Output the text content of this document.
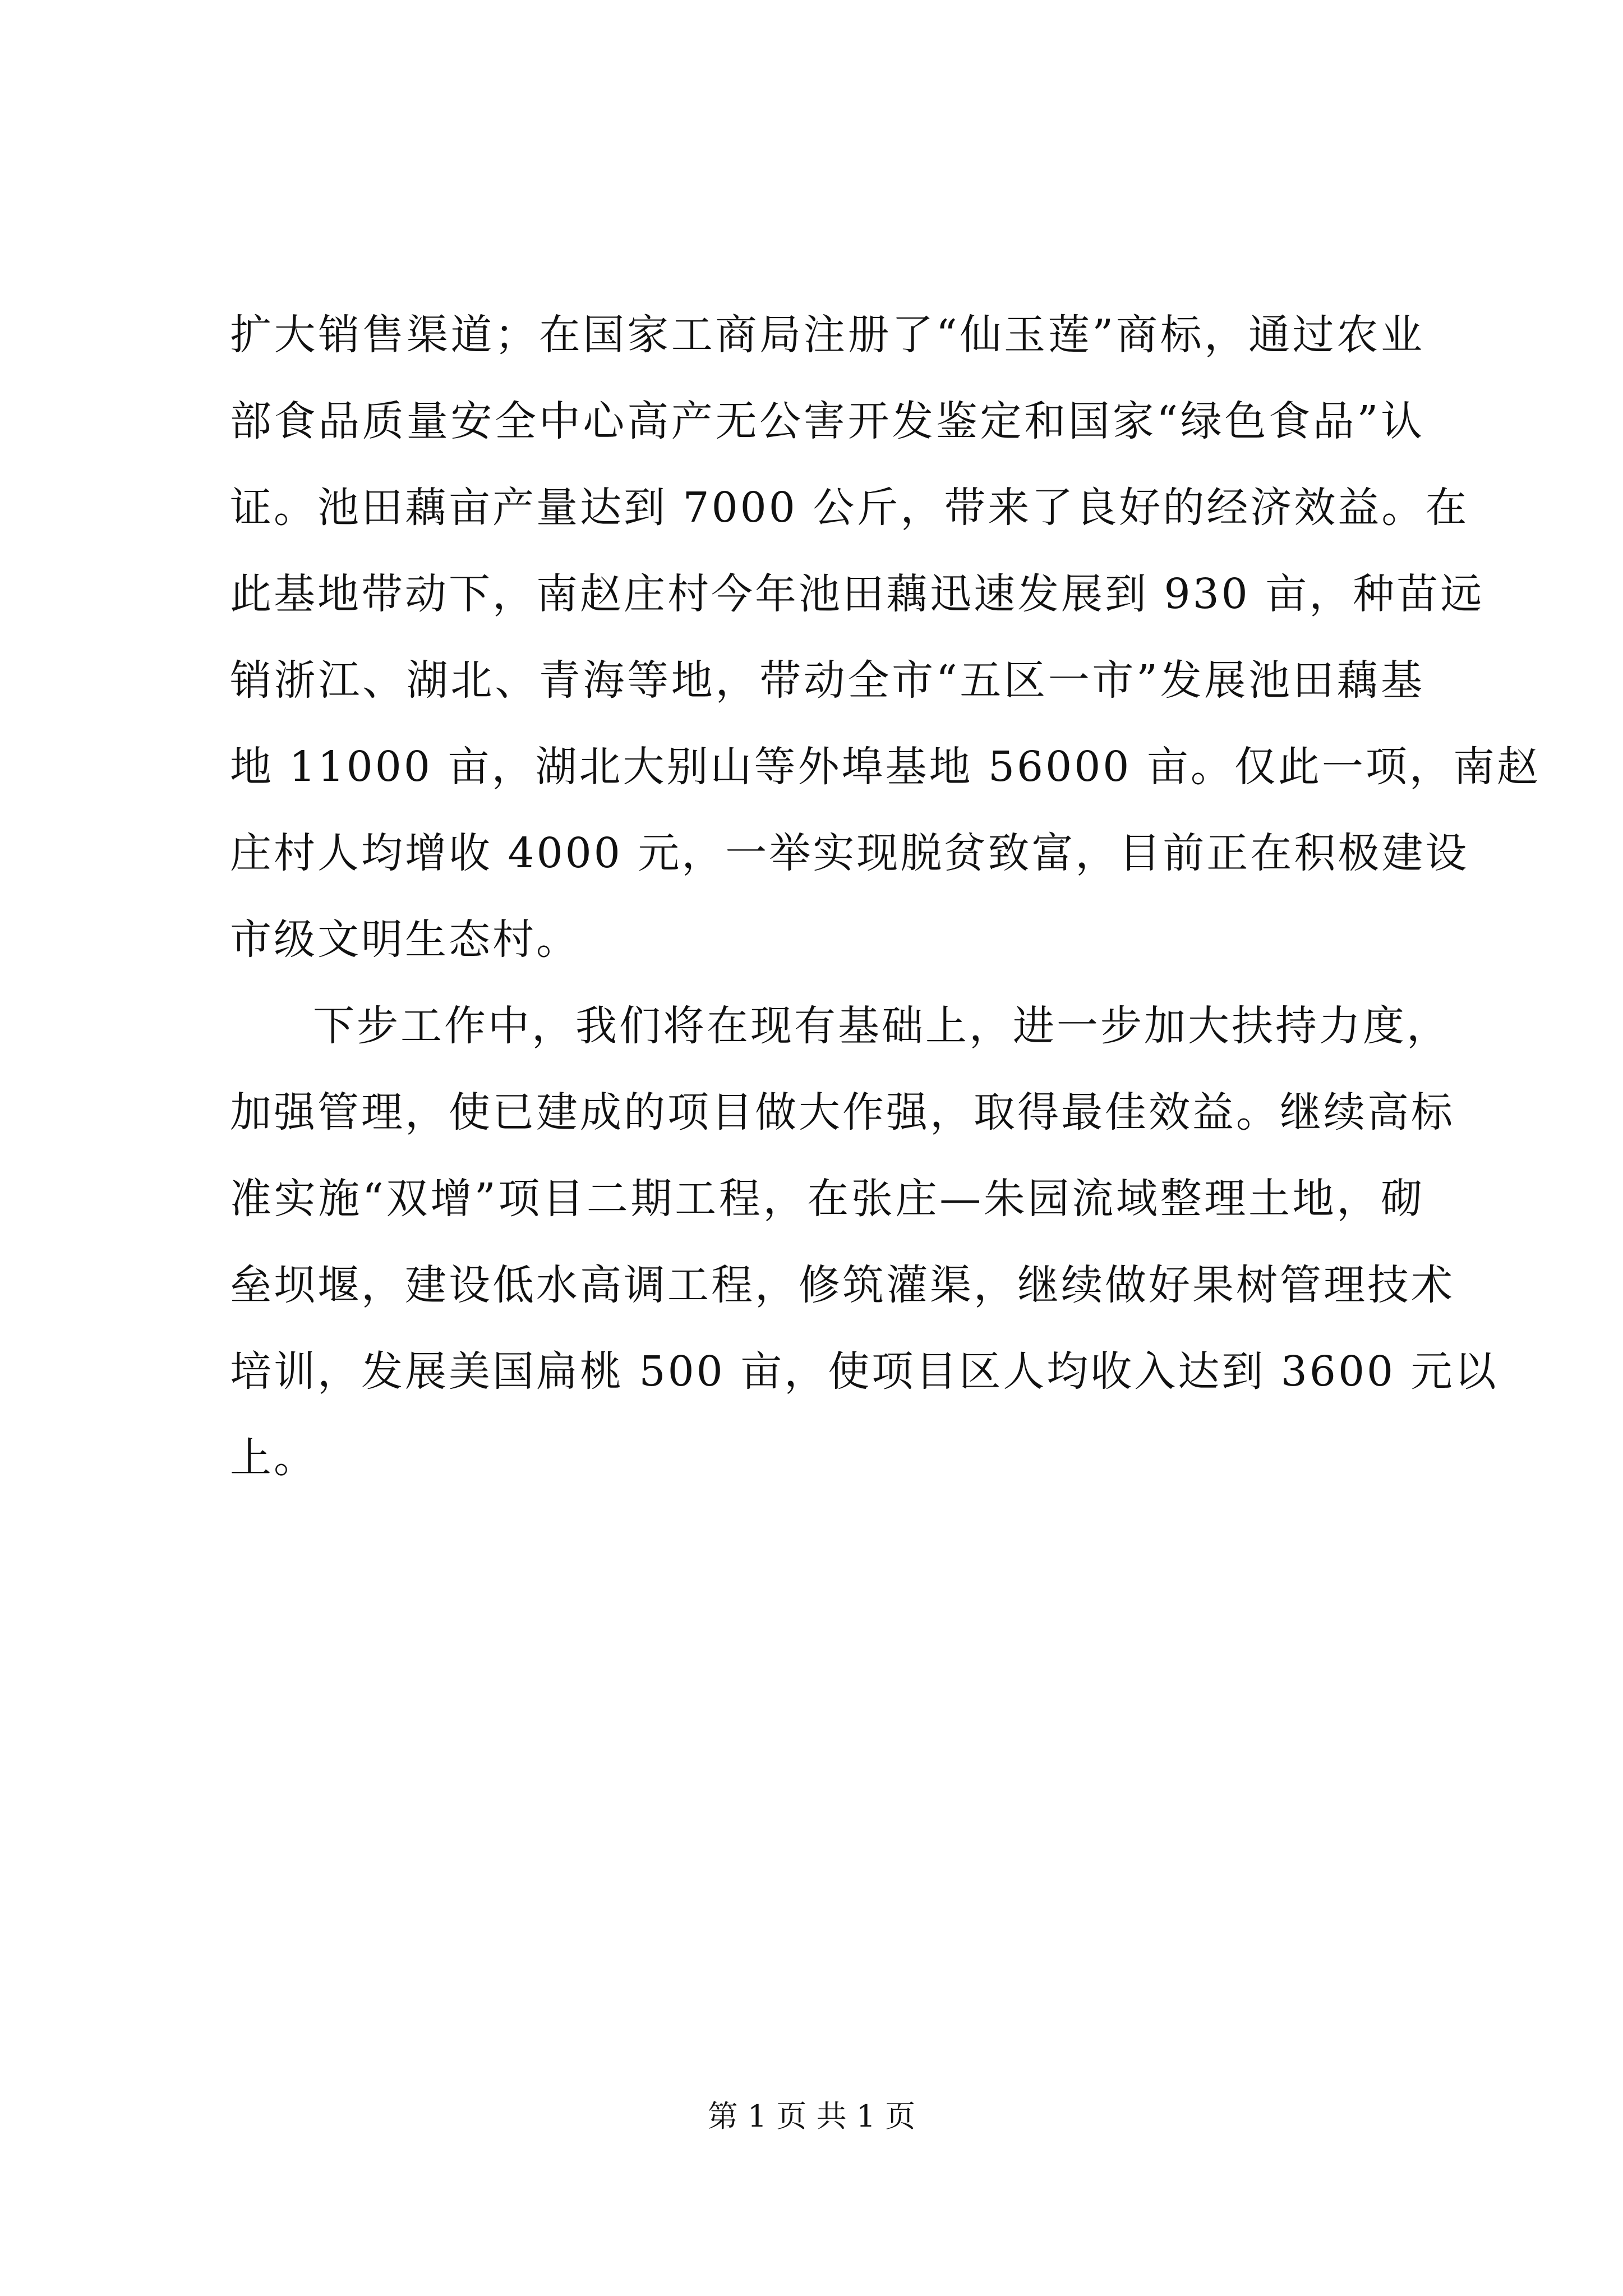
扩大销售渠道；在国家工商局注册了“仙玉莲”商标，通过农业
部食品质量安全中心高产无公害开发鉴定和国家“绿色食品”认
证。池田藕亩产量达到 7000 公斤，带来了良好的经济效益。在
此基地带动下，南赵庄村今年池田藕迅速发展到 930 亩，种苗远
销浙江、湖北、青海等地，带动全市“五区一市”发展池田藕基
地 11000 亩，湖北大别山等外埠基地 56000 亩。仅此一项，南赵
庄村人均增收 4000 元，一举实现脱贫致富，目前正在积极建设
市级文明生态村。
下步工作中，我们将在现有基础上，进一步加大扶持力度，
加强管理，使已建成的项目做大作强，取得最佳效益。继续高标
准实施“双增”项目二期工程，在张庄—朱园流域整理土地，砌
垒坝堰，建设低水高调工程，修筑灌渠，继续做好果树管理技术
培训，发展美国扁桃 500 亩，使项目区人均收入达到 3600 元以
上。
第 1 页 共 1 页
